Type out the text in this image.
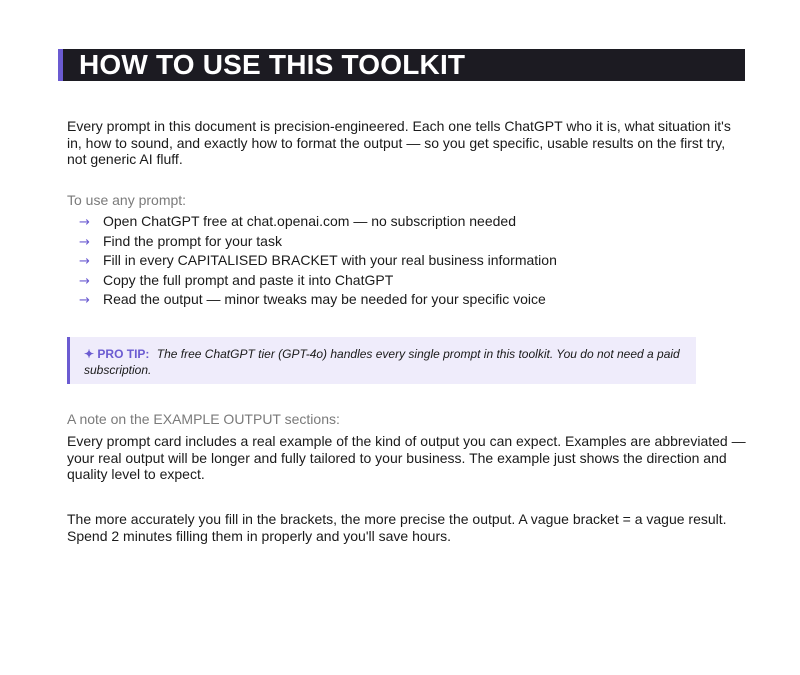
HOW TO USE THIS TOOLKIT

Every prompt in this document is precision-engineered. Each one tells ChatGPT who it is, what situation it's in, how to sound, and exactly how to format the output — so you get specific, usable results on the first try, not generic AI fluff.

To use any prompt:

→ Open ChatGPT free at chat.openai.com — no subscription needed
→ Find the prompt for your task
→ Fill in every CAPITALISED BRACKET with your real business information
→ Copy the full prompt and paste it into ChatGPT
→ Read the output — minor tweaks may be needed for your specific voice
✦ PRO TIP: The free ChatGPT tier (GPT-4o) handles every single prompt in this toolkit. You do not need a paid subscription.

A note on the EXAMPLE OUTPUT sections:

Every prompt card includes a real example of the kind of output you can expect. Examples are abbreviated — your real output will be longer and fully tailored to your business. The example just shows the direction and quality level to expect.

The more accurately you fill in the brackets, the more precise the output. A vague bracket = a vague result. Spend 2 minutes filling them in properly and you'll save hours.
